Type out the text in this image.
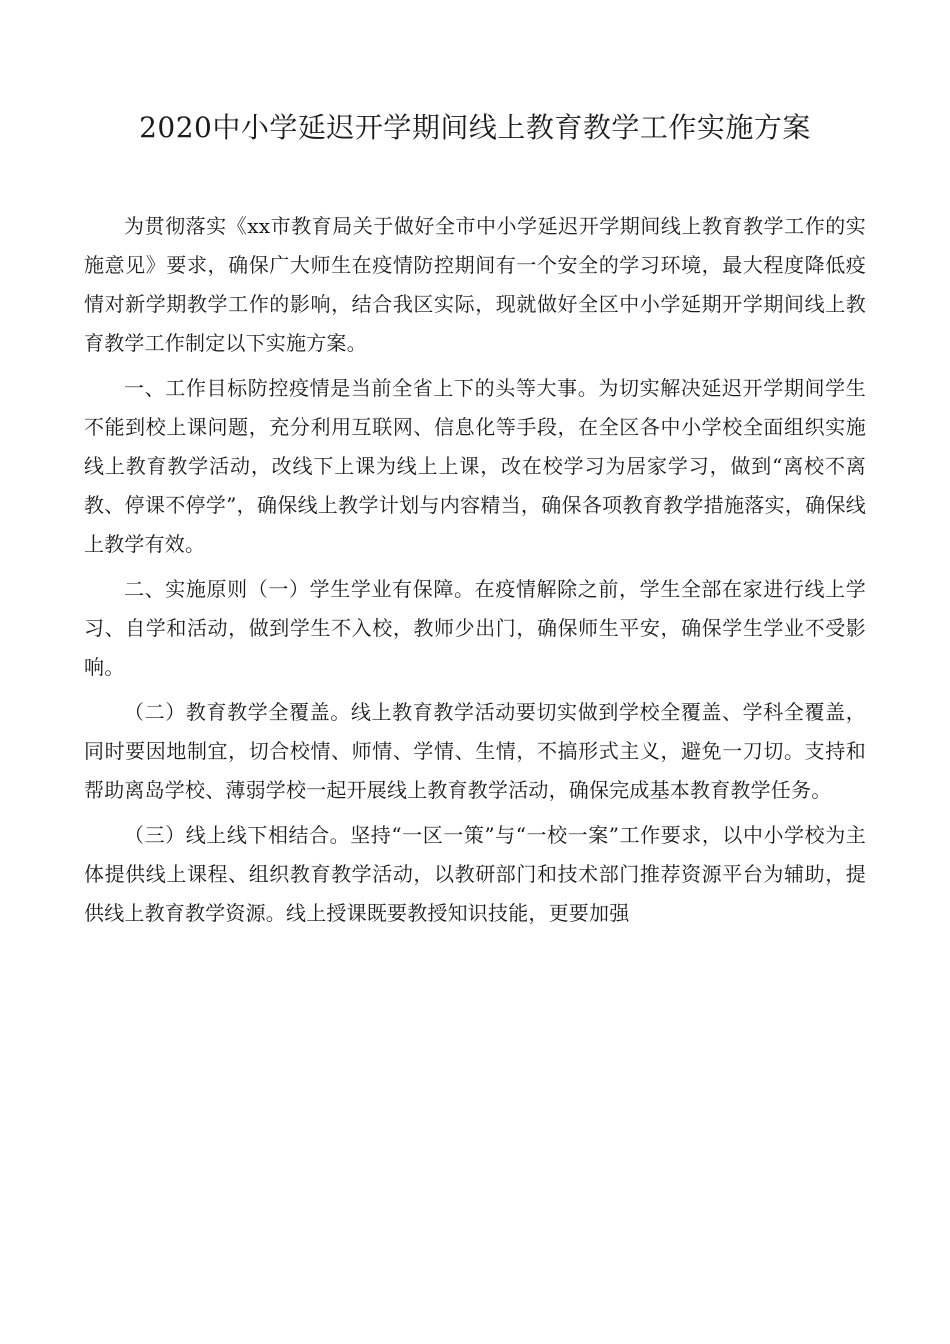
2020中小学延迟开学期间线上教育教学工作实施方案

为贯彻落实《xx市教育局关于做好全市中小学延迟开学期间线上教育教学工作的实施意见》要求，确保广大师生在疫情防控期间有一个安全的学习环境，最大程度降低疫情对新学期教学工作的影响，结合我区实际，现就做好全区中小学延期开学期间线上教育教学工作制定以下实施方案。

一、工作目标防控疫情是当前全省上下的头等大事。为切实解决延迟开学期间学生不能到校上课问题，充分利用互联网、信息化等手段，在全区各中小学校全面组织实施线上教育教学活动，改线下上课为线上上课，改在校学习为居家学习，做到“离校不离教、停课不停学”，确保线上教学计划与内容精当，确保各项教育教学措施落实，确保线上教学有效。

二、实施原则（一）学生学业有保障。在疫情解除之前，学生全部在家进行线上学习、自学和活动，做到学生不入校，教师少出门，确保师生平安，确保学生学业不受影响。

（二）教育教学全覆盖。线上教育教学活动要切实做到学校全覆盖、学科全覆盖，同时要因地制宜，切合校情、师情、学情、生情，不搞形式主义，避免一刀切。支持和帮助离岛学校、薄弱学校一起开展线上教育教学活动，确保完成基本教育教学任务。

（三）线上线下相结合。坚持“一区一策”与“一校一案”工作要求，以中小学校为主体提供线上课程、组织教育教学活动，以教研部门和技术部门推荐资源平台为辅助，提供线上教育教学资源。线上授课既要教授知识技能，更要加强
